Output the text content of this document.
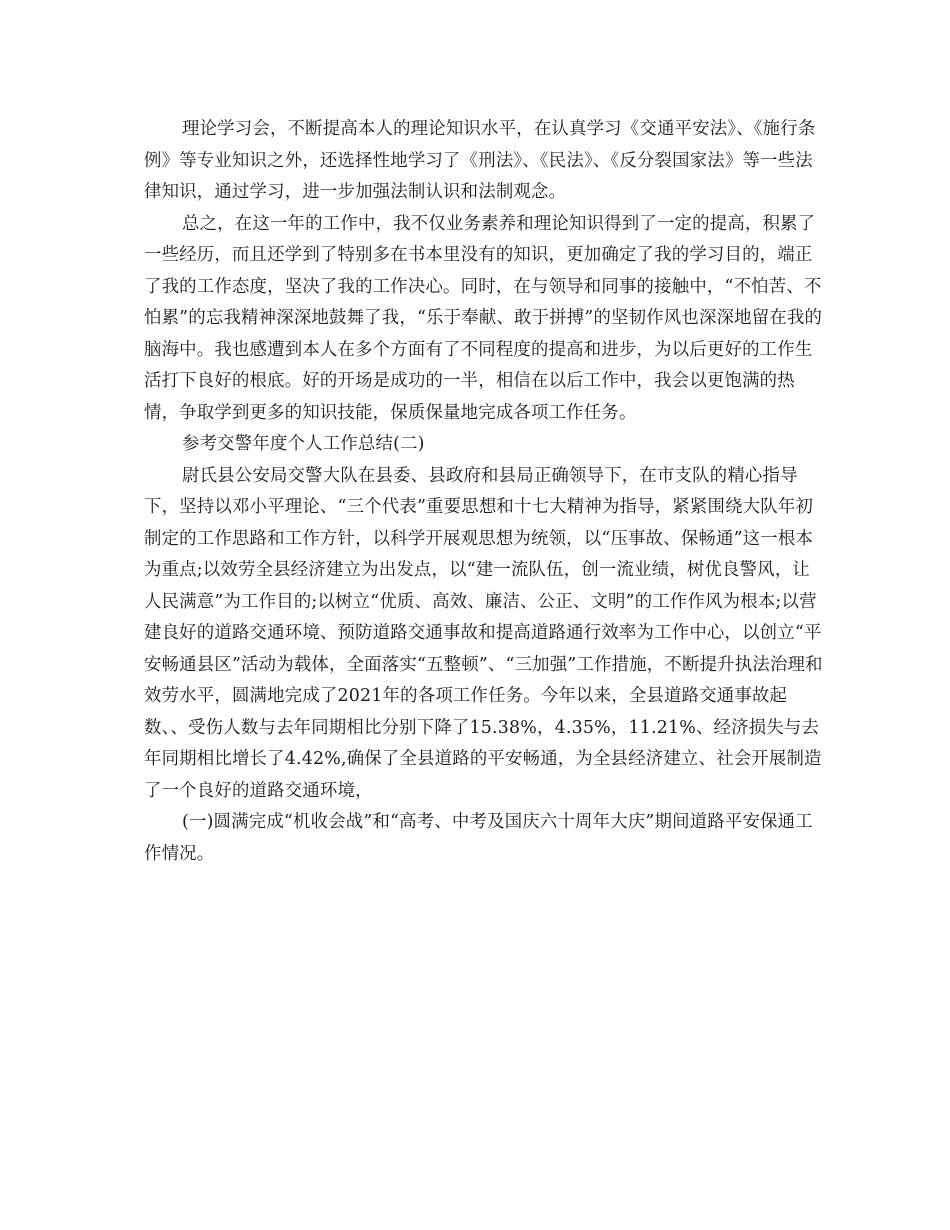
理论学习会，不断提高本人的理论知识水平，在认真学习《交通平安法》、《施行条例》等专业知识之外，还选择性地学习了《刑法》、《民法》、《反分裂国家法》等一些法律知识，通过学习，进一步加强法制认识和法制观念。

总之，在这一年的工作中，我不仅业务素养和理论知识得到了一定的提高，积累了一些经历，而且还学到了特别多在书本里没有的知识，更加确定了我的学习目的，端正了我的工作态度，坚决了我的工作决心。同时，在与领导和同事的接触中，“不怕苦、不怕累”的忘我精神深深地鼓舞了我，“乐于奉献、敢于拼搏”的坚韧作风也深深地留在我的脑海中。我也感遭到本人在多个方面有了不同程度的提高和进步，为以后更好的工作生活打下良好的根底。好的开场是成功的一半，相信在以后工作中，我会以更饱满的热情，争取学到更多的知识技能，保质保量地完成各项工作任务。

参考交警年度个人工作总结(二)

尉氏县公安局交警大队在县委、县政府和县局正确领导下，在市支队的精心指导下，坚持以邓小平理论、“三个代表”重要思想和十七大精神为指导，紧紧围绕大队年初制定的工作思路和工作方针，以科学开展观思想为统领，以“压事故、保畅通”这一根本为重点;以效劳全县经济建立为出发点，以“建一流队伍，创一流业绩，树优良警风，让人民满意”为工作目的;以树立“优质、高效、廉洁、公正、文明”的工作作风为根本;以营建良好的道路交通环境、预防道路交通事故和提高道路通行效率为工作中心，以创立“平安畅通县区”活动为载体，全面落实“五整顿”、“三加强”工作措施，不断提升执法治理和效劳水平，圆满地完成了2021年的各项工作任务。今年以来，全县道路交通事故起数、、受伤人数与去年同期相比分别下降了15.38%，4.35%，11.21%、经济损失与去年同期相比增长了4.42%,确保了全县道路的平安畅通，为全县经济建立、社会开展制造了一个良好的道路交通环境，

(一)圆满完成“机收会战”和“高考、中考及国庆六十周年大庆”期间道路平安保通工作情况。
